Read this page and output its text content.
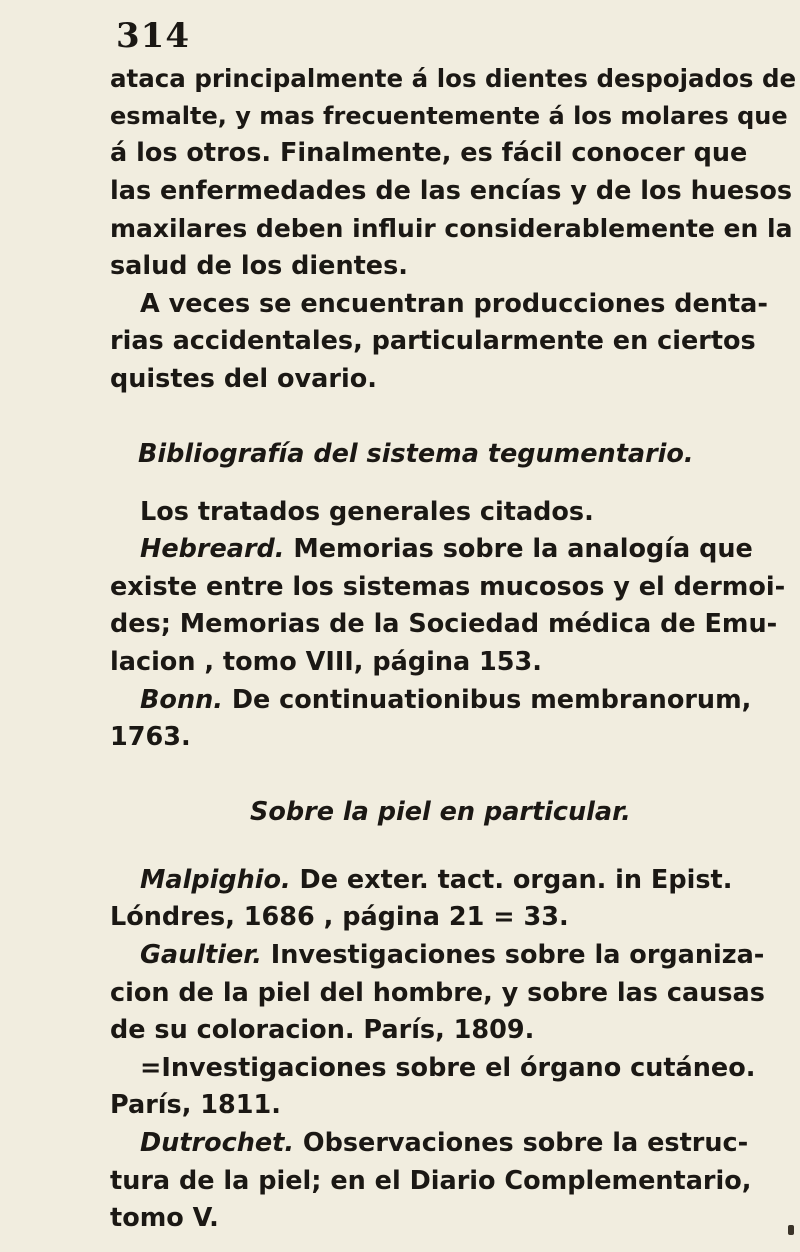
314
ataca principalmente á los dientes despojados de
esmalte, y mas frecuentemente á los molares que
á los otros. Finalmente, es fácil conocer que
las enfermedades de las encías y de los huesos
maxilares deben influir considerablemente en la
salud de los dientes.
A veces se encuentran producciones denta-
rias accidentales, particularmente en ciertos
quistes del ovario.
Bibliografía del sistema tegumentario.
Los tratados generales citados.
Hebreard. Memorias sobre la analogía que
existe entre los sistemas mucosos y el dermoi-
des; Memorias de la Sociedad médica de Emu-
lacion , tomo VIII, página 153.
Bonn. De continuationibus membranorum,
1763.
Sobre la piel en particular.
Malpighio. De exter. tact. organ. in Epist.
Lóndres, 1686 , página 21 = 33.
Gaultier. Investigaciones sobre la organiza-
cion de la piel del hombre, y sobre las causas
de su coloracion. París, 1809.
=Investigaciones sobre el órgano cutáneo.
París, 1811.
Dutrochet. Observaciones sobre la estruc-
tura de la piel; en el Diario Complementario,
tomo V.
